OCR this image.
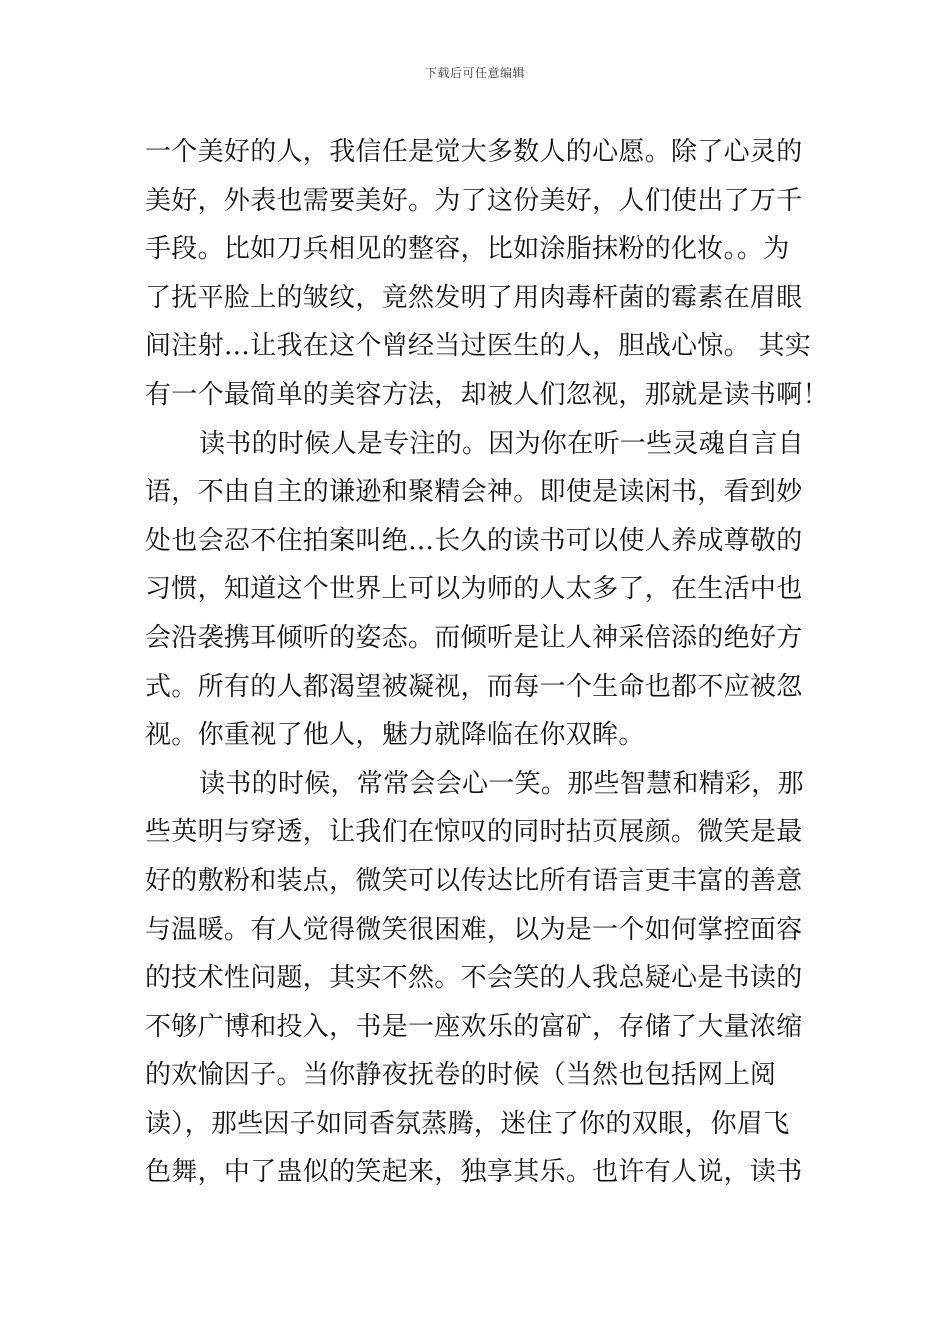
下载后可任意编辑
一个美好的人，我信任是觉大多数人的心愿。除了心灵的
美好，外表也需要美好。为了这份美好，人们使出了万千
手段。比如刀兵相见的整容，比如涂脂抹粉的化妆。。为
了抚平脸上的皱纹，竟然发明了用肉毒杆菌的霉素在眉眼
间注射…让我在这个曾经当过医生的人，胆战心惊。 其实
有一个最简单的美容方法，却被人们忽视，那就是读书啊！
读书的时候人是专注的。因为你在听一些灵魂自言自
语，不由自主的谦逊和聚精会神。即使是读闲书，看到妙
处也会忍不住拍案叫绝…长久的读书可以使人养成尊敬的
习惯，知道这个世界上可以为师的人太多了，在生活中也
会沿袭携耳倾听的姿态。而倾听是让人神采倍添的绝好方
式。所有的人都渴望被凝视，而每一个生命也都不应被忽
视。你重视了他人，魅力就降临在你双眸。
读书的时候，常常会会心一笑。那些智慧和精彩，那
些英明与穿透，让我们在惊叹的同时拈页展颜。微笑是最
好的敷粉和装点，微笑可以传达比所有语言更丰富的善意
与温暖。有人觉得微笑很困难，以为是一个如何掌控面容
的技术性问题，其实不然。不会笑的人我总疑心是书读的
不够广博和投入，书是一座欢乐的富矿，存储了大量浓缩
的欢愉因子。当你静夜抚卷的时候（当然也包括网上阅
读），那些因子如同香氛蒸腾，迷住了你的双眼，你眉飞
色舞，中了蛊似的笑起来，独享其乐。也许有人说，读书
